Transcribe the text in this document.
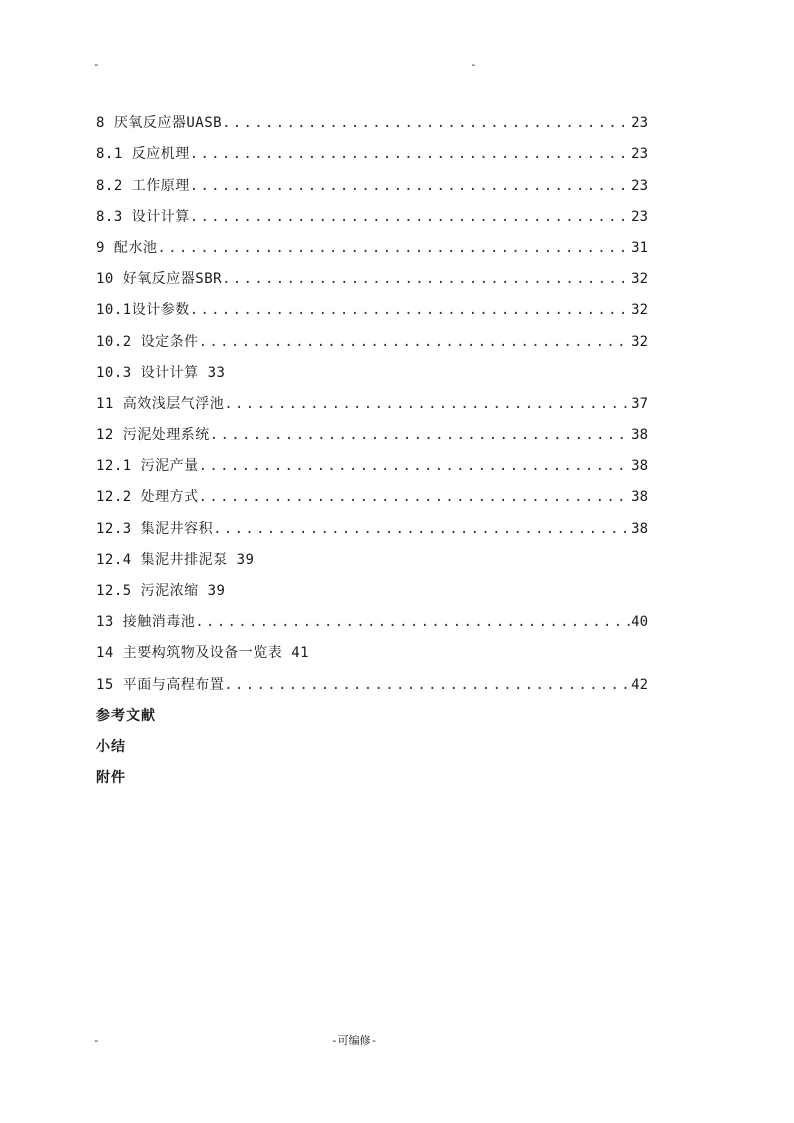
-	-
8 厌氧反应器UASB .....	23
8.1 反应机理 .....	23
8.2 工作原理 .....	23
8.3 设计计算 .....	23
9 配水池 .....	31
10 好氧反应器SBR .....	32
10.1设计参数 .....	32
10.2 设定条件 .....	32
10.3 设计计算 33
11 高效浅层气浮池 .....	37
12 污泥处理系统 .....	38
12.1 污泥产量 .....	38
12.2 处理方式 .....	38
12.3 集泥井容积 .....	38
12.4 集泥井排泥泵 39
12.5 污泥浓缩 39
13 接触消毒池 .....	40
14 主要构筑物及设备一览表 41
15 平面与高程布置 .....	42
参考文献
小结
附件
-	-可编修-
